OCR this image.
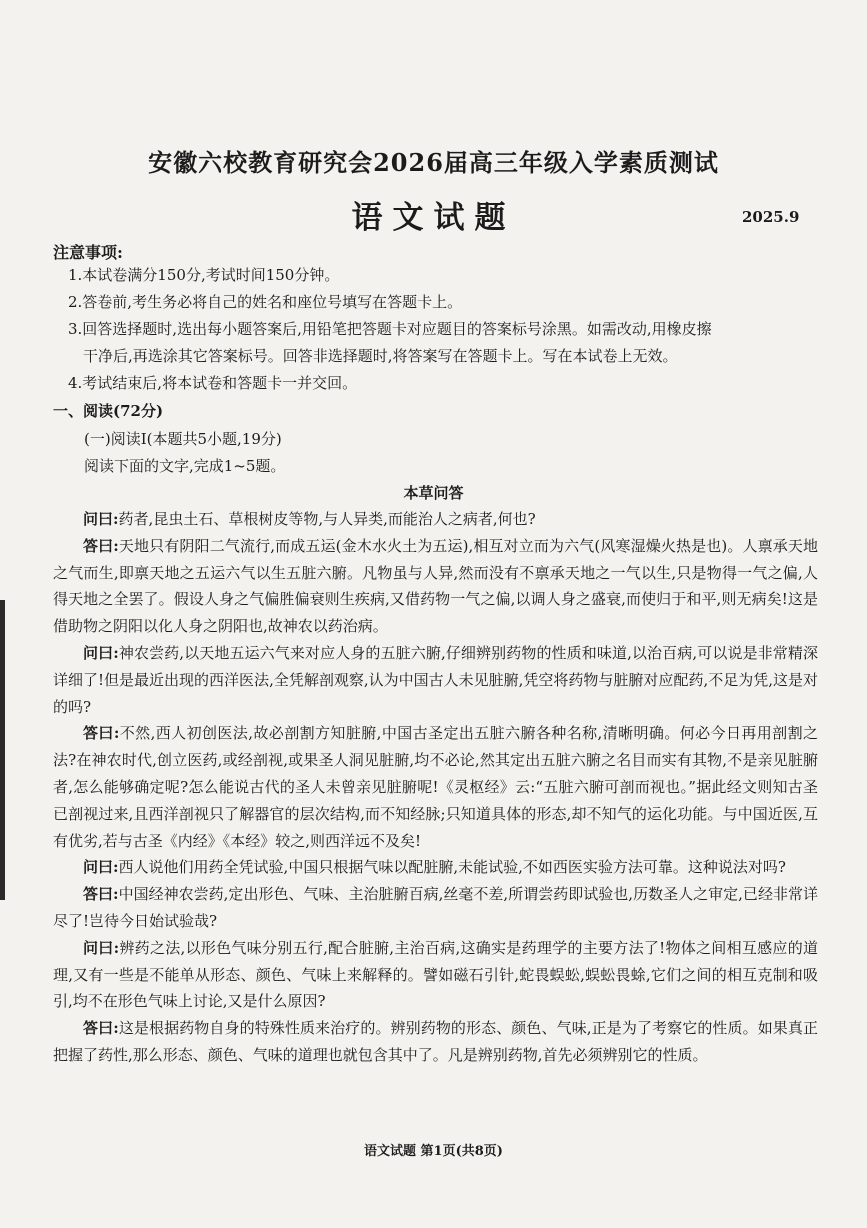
安徽六校教育研究会2026届高三年级入学素质测试
语文试题	2025.9
注意事项:
1.本试卷满分150分,考试时间150分钟。
2.答卷前,考生务必将自己的姓名和座位号填写在答题卡上。
3.回答选择题时,选出每小题答案后,用铅笔把答题卡对应题目的答案标号涂黑。如需改动,用橡皮擦
干净后,再选涂其它答案标号。回答非选择题时,将答案写在答题卡上。写在本试卷上无效。
4.考试结束后,将本试卷和答题卡一并交回。
一、阅读(72分)
(一)阅读Ⅰ(本题共5小题,19分)
阅读下面的文字,完成1~5题。
本草问答

问曰:药者,昆虫土石、草根树皮等物,与人异类,而能治人之病者,何也?

答曰:天地只有阴阳二气流行,而成五运(金木水火土为五运),相互对立而为六气(风寒湿燥火热是也)。人禀承天地之气而生,即禀天地之五运六气以生五脏六腑。凡物虽与人异,然而没有不禀承天地之一气以生,只是物得一气之偏,人得天地之全罢了。假设人身之气偏胜偏衰则生疾病,又借药物一气之偏,以调人身之盛衰,而使归于和平,则无病矣!这是借助物之阴阳以化人身之阴阳也,故神农以药治病。

问曰:神农尝药,以天地五运六气来对应人身的五脏六腑,仔细辨别药物的性质和味道,以治百病,可以说是非常精深详细了!但是最近出现的西洋医法,全凭解剖观察,认为中国古人未见脏腑,凭空将药物与脏腑对应配药,不足为凭,这是对的吗?

答曰:不然,西人初创医法,故必剖割方知脏腑,中国古圣定出五脏六腑各种名称,清晰明确。何必今日再用剖割之法?在神农时代,创立医药,或经剖视,或果圣人洞见脏腑,均不必论,然其定出五脏六腑之名目而实有其物,不是亲见脏腑者,怎么能够确定呢?怎么能说古代的圣人未曾亲见脏腑呢!《灵枢经》云:“五脏六腑可剖而视也。”据此经文则知古圣已剖视过来,且西洋剖视只了解器官的层次结构,而不知经脉;只知道具体的形态,却不知气的运化功能。与中国近医,互有优劣,若与古圣《内经》《本经》较之,则西洋远不及矣!

问曰:西人说他们用药全凭试验,中国只根据气味以配脏腑,未能试验,不如西医实验方法可靠。这种说法对吗?

答曰:中国经神农尝药,定出形色、气味、主治脏腑百病,丝毫不差,所谓尝药即试验也,历数圣人之审定,已经非常详尽了!岂待今日始试验哉?

问曰:辨药之法,以形色气味分别五行,配合脏腑,主治百病,这确实是药理学的主要方法了!物体之间相互感应的道理,又有一些是不能单从形态、颜色、气味上来解释的。譬如磁石引针,蛇畏蜈蚣,蜈蚣畏蜍,它们之间的相互克制和吸引,均不在形色气味上讨论,又是什么原因?

答曰:这是根据药物自身的特殊性质来治疗的。辨别药物的形态、颜色、气味,正是为了考察它的性质。如果真正把握了药性,那么形态、颜色、气味的道理也就包含其中了。凡是辨别药物,首先必须辨别它的性质。

语文试题 第1页(共8页)
